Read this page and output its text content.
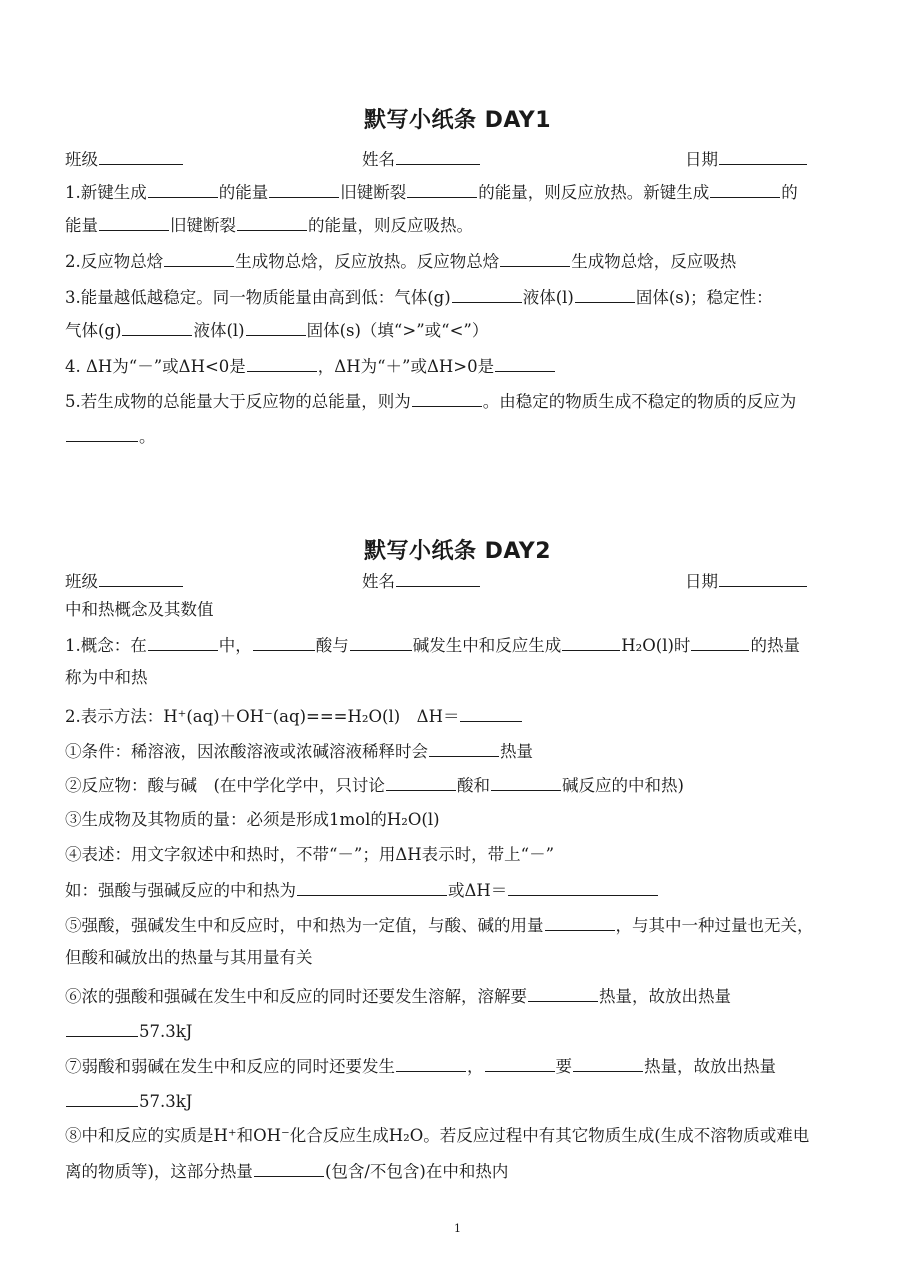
默写小纸条 DAY1
班级	姓名	日期
1.新键生成	的能量	旧键断裂	的能量，则反应放热。新键生成	的
能量	旧键断裂	的能量，则反应吸热。
2.反应物总焓	生成物总焓，反应放热。反应物总焓	生成物总焓，反应吸热
3.能量越低越稳定。同一物质能量由高到低：气体(g)	液体(l)	固体(s)；稳定性：
气体(g)	液体(l)	固体(s)（填“>”或“<”）
4. ΔH为“－”或ΔH<0是	，ΔH为“＋”或ΔH>0是
5.若生成物的总能量大于反应物的总能量，则为	。由稳定的物质生成不稳定的物质的反应为
。
默写小纸条 DAY2
班级	姓名	日期
中和热概念及其数值
1.概念：在	中，	酸与	碱发生中和反应生成	H₂O(l)时	的热量
称为中和热
2.表示方法：H⁺(aq)＋OH⁻(aq)===H₂O(l)　ΔH＝
①条件：稀溶液，因浓酸溶液或浓碱溶液稀释时会	热量
②反应物：酸与碱　(在中学化学中，只讨论	酸和	碱反应的中和热)
③生成物及其物质的量：必须是形成1mol的H₂O(l)
④表述：用文字叙述中和热时，不带“－”；用ΔH表示时，带上“－”
如：强酸与强碱反应的中和热为	或ΔH＝
⑤强酸，强碱发生中和反应时，中和热为一定值，与酸、碱的用量	，与其中一种过量也无关，
但酸和碱放出的热量与其用量有关
⑥浓的强酸和强碱在发生中和反应的同时还要发生溶解，溶解要	热量，故放出热量
57.3kJ
⑦弱酸和弱碱在发生中和反应的同时还要发生	，	要	热量，故放出热量
57.3kJ
⑧中和反应的实质是H⁺和OH⁻化合反应生成H₂O。若反应过程中有其它物质生成(生成不溶物质或难电
离的物质等)，这部分热量	(包含/不包含)在中和热内
1
